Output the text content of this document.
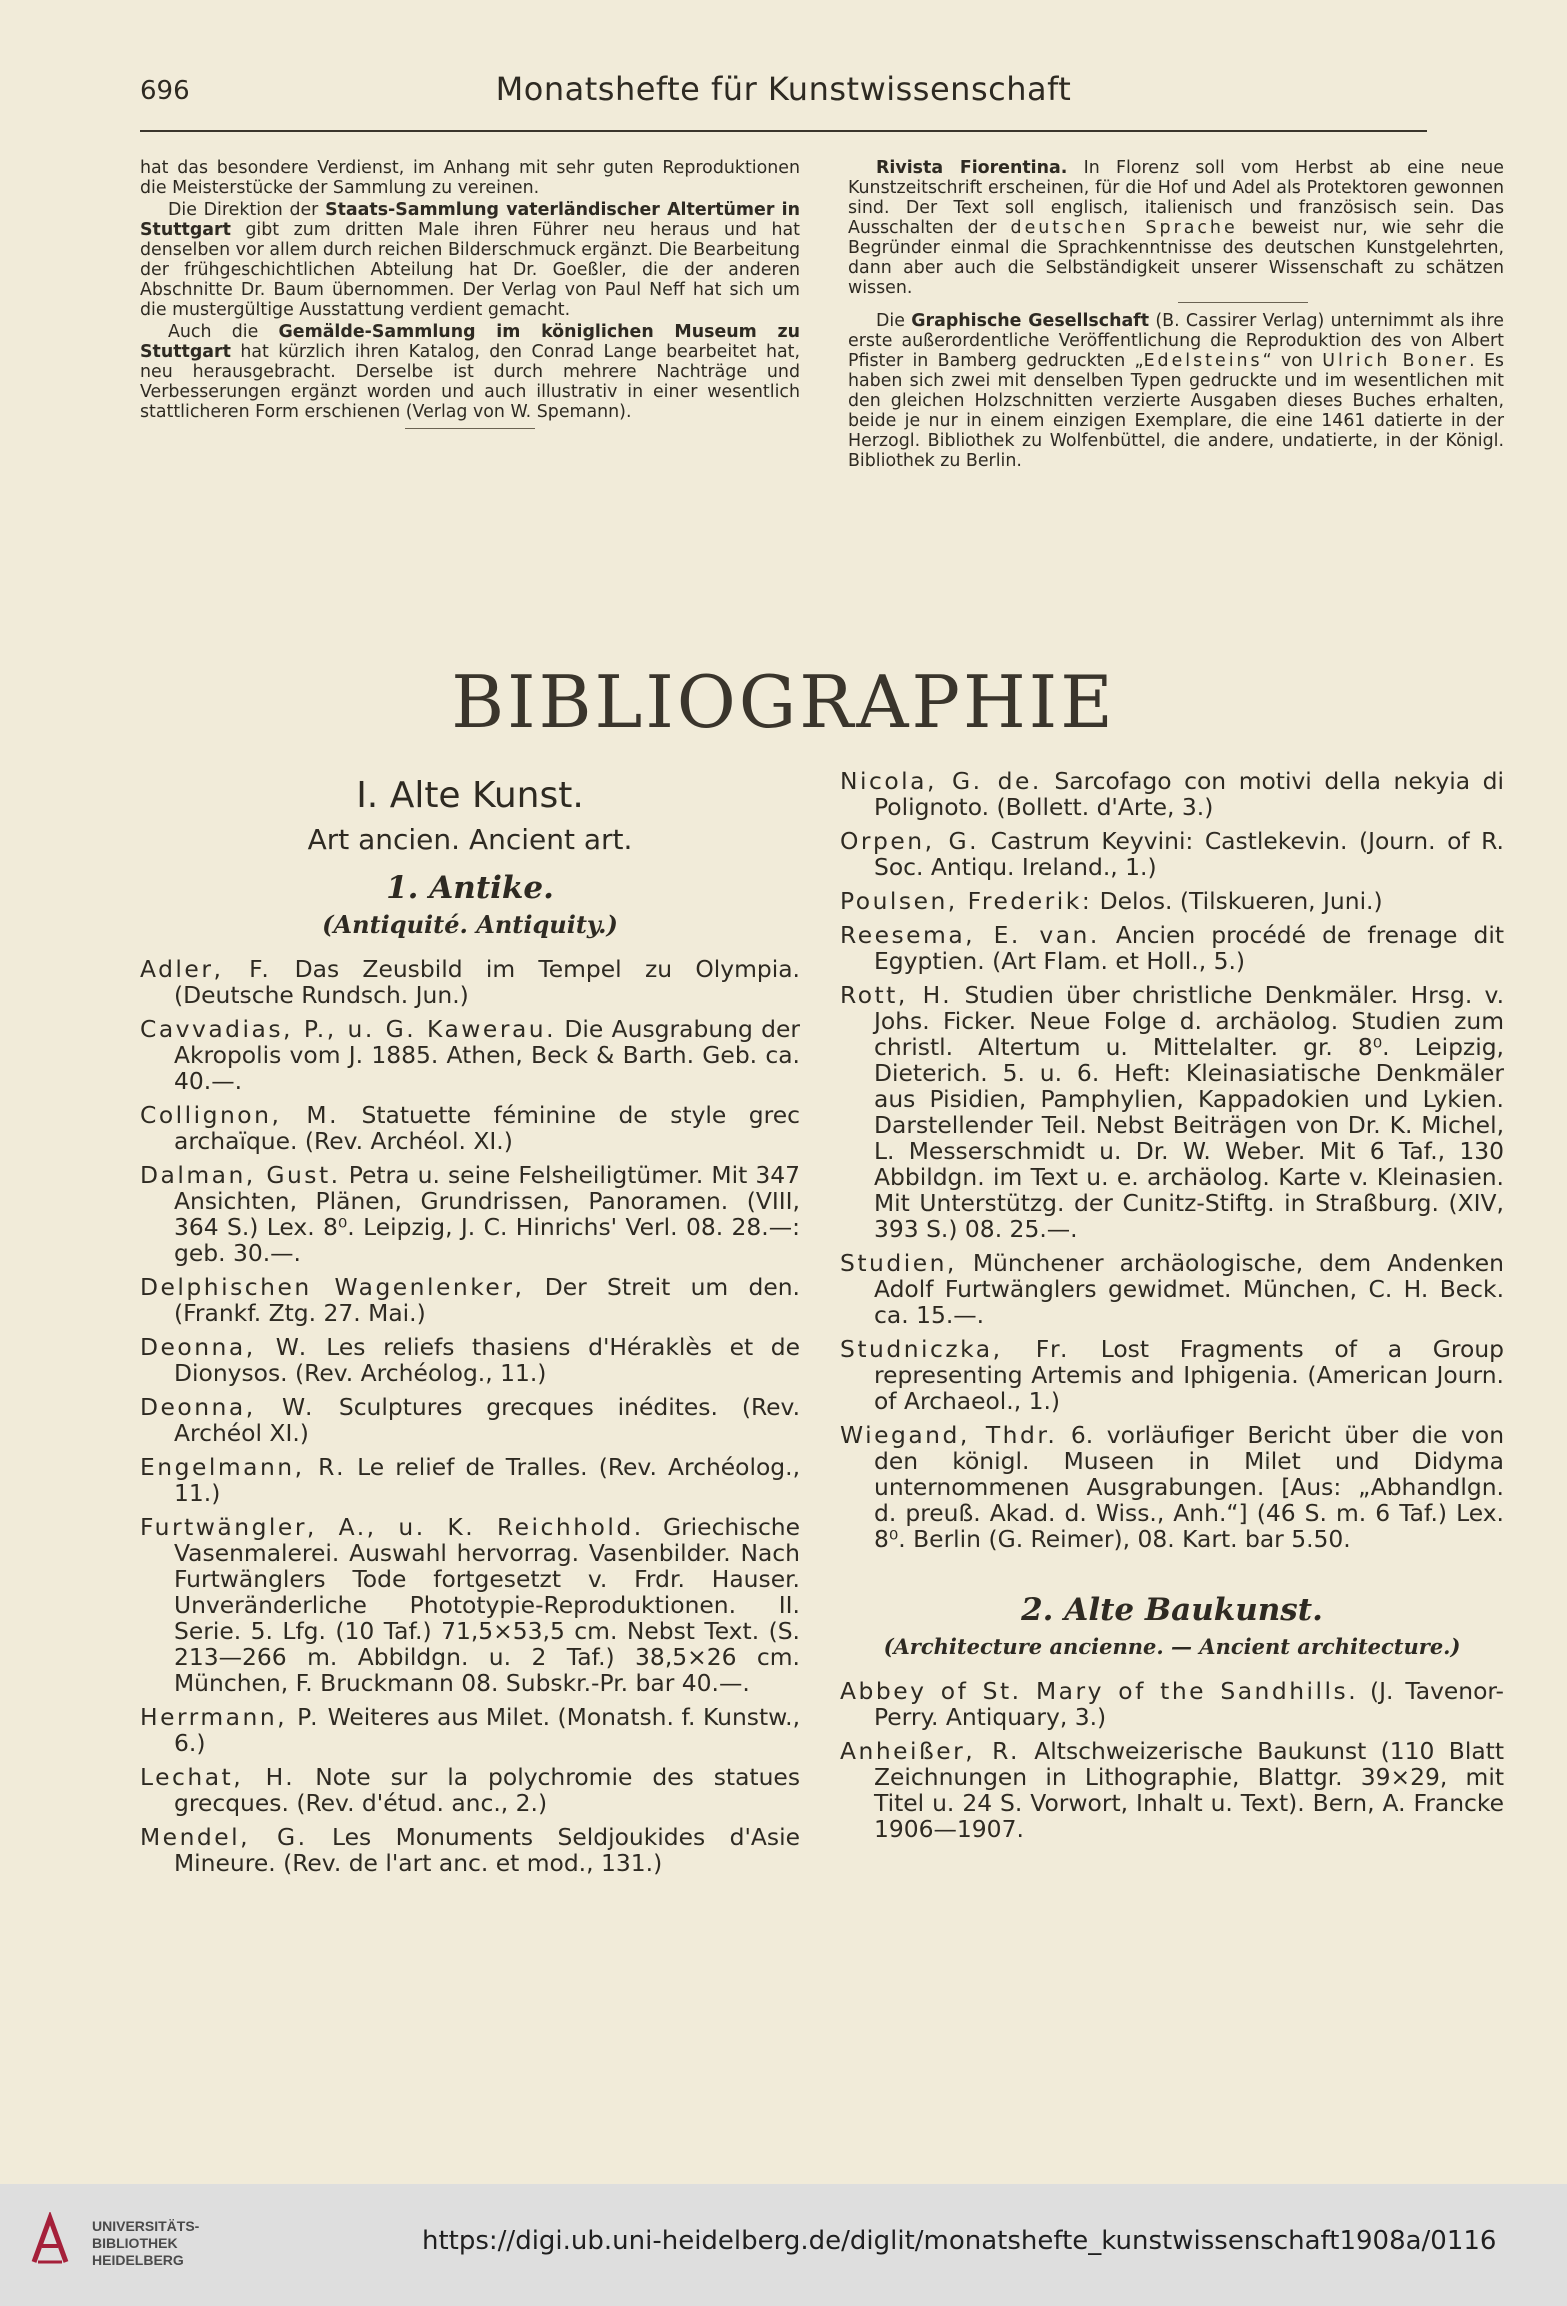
696	Monatshefte für Kunstwissenschaft

hat das besondere Verdienst, im Anhang mit sehr guten Reproduktionen die Meisterstücke der Sammlung zu vereinen.

Die Direktion der Staats-Sammlung vaterländischer Altertümer in Stuttgart gibt zum dritten Male ihren Führer neu heraus und hat denselben vor allem durch reichen Bilderschmuck ergänzt. Die Bearbeitung der frühgeschichtlichen Abteilung hat Dr. Goeßler, die der anderen Abschnitte Dr. Baum übernommen. Der Verlag von Paul Neff hat sich um die mustergültige Ausstattung verdient gemacht.

Auch die Gemälde-Sammlung im königlichen Museum zu Stuttgart hat kürzlich ihren Katalog, den Conrad Lange bearbeitet hat, neu herausgebracht. Derselbe ist durch mehrere Nachträge und Verbesserungen ergänzt worden und auch illustrativ in einer wesentlich stattlicheren Form erschienen (Verlag von W. Spemann).

Rivista Fiorentina. In Florenz soll vom Herbst ab eine neue Kunstzeitschrift erscheinen, für die Hof und Adel als Protektoren gewonnen sind. Der Text soll englisch, italienisch und französisch sein. Das Ausschalten der deutschen Sprache beweist nur, wie sehr die Begründer einmal die Sprachkenntnisse des deutschen Kunstgelehrten, dann aber auch die Selbständigkeit unserer Wissenschaft zu schätzen wissen.

Die Graphische Gesellschaft (B. Cassirer Verlag) unternimmt als ihre erste außerordentliche Veröffentlichung die Reproduktion des von Albert Pfister in Bamberg gedruckten „Edelsteins“ von Ulrich Boner. Es haben sich zwei mit denselben Typen gedruckte und im wesentlichen mit den gleichen Holzschnitten verzierte Ausgaben dieses Buches erhalten, beide je nur in einem einzigen Exemplare, die eine 1461 datierte in der Herzogl. Bibliothek zu Wolfenbüttel, die andere, undatierte, in der Königl. Bibliothek zu Berlin.

BIBLIOGRAPHIE
I. Alte Kunst.
Art ancien. Ancient art.
1. Antike.
(Antiquité. Antiquity.)

Adler, F. Das Zeusbild im Tempel zu Olympia. (Deutsche Rundsch. Jun.)

Cavvadias, P., u. G. Kawerau. Die Ausgrabung der Akropolis vom J. 1885. Athen, Beck & Barth. Geb. ca. 40.—.

Collignon, M. Statuette féminine de style grec archaïque. (Rev. Archéol. XI.)

Dalman, Gust. Petra u. seine Felsheiligtümer. Mit 347 Ansichten, Plänen, Grundrissen, Panoramen. (VIII, 364 S.) Lex. 8⁰. Leipzig, J. C. Hinrichs' Verl. 08. 28.—: geb. 30.—.

Delphischen Wagenlenker, Der Streit um den. (Frankf. Ztg. 27. Mai.)

Deonna, W. Les reliefs thasiens d'Héraklès et de Dionysos. (Rev. Archéolog., 11.)

Deonna, W. Sculptures grecques inédites. (Rev. Archéol XI.)

Engelmann, R. Le relief de Tralles. (Rev. Archéolog., 11.)

Furtwängler, A., u. K. Reichhold. Griechische Vasenmalerei. Auswahl hervorrag. Vasenbilder. Nach Furtwänglers Tode fortgesetzt v. Frdr. Hauser. Unveränderliche Phototypie-Reproduktionen. II. Serie. 5. Lfg. (10 Taf.) 71,5×53,5 cm. Nebst Text. (S. 213—266 m. Abbildgn. u. 2 Taf.) 38,5×26 cm. München, F. Bruckmann 08. Subskr.-Pr. bar 40.—.

Herrmann, P. Weiteres aus Milet. (Monatsh. f. Kunstw., 6.)

Lechat, H. Note sur la polychromie des statues grecques. (Rev. d'étud. anc., 2.)

Mendel, G. Les Monuments Seldjoukides d'Asie Mineure. (Rev. de l'art anc. et mod., 131.)

Nicola, G. de. Sarcofago con motivi della nekyia di Polignoto. (Bollett. d'Arte, 3.)

Orpen, G. Castrum Keyvini: Castlekevin. (Journ. of R. Soc. Antiqu. Ireland., 1.)

Poulsen, Frederik: Delos. (Tilskueren, Juni.)

Reesema, E. van. Ancien procédé de frenage dit Egyptien. (Art Flam. et Holl., 5.)

Rott, H. Studien über christliche Denkmäler. Hrsg. v. Johs. Ficker. Neue Folge d. archäolog. Studien zum christl. Altertum u. Mittelalter. gr. 8⁰. Leipzig, Dieterich. 5. u. 6. Heft: Kleinasiatische Denkmäler aus Pisidien, Pamphylien, Kappadokien und Lykien. Darstellender Teil. Nebst Beiträgen von Dr. K. Michel, L. Messerschmidt u. Dr. W. Weber. Mit 6 Taf., 130 Abbildgn. im Text u. e. archäolog. Karte v. Kleinasien. Mit Unterstützg. der Cunitz-Stiftg. in Straßburg. (XIV, 393 S.) 08. 25.—.

Studien, Münchener archäologische, dem Andenken Adolf Furtwänglers gewidmet. München, C. H. Beck. ca. 15.—.

Studniczka, Fr. Lost Fragments of a Group representing Artemis and Iphigenia. (American Journ. of Archaeol., 1.)

Wiegand, Thdr. 6. vorläufiger Bericht über die von den königl. Museen in Milet und Didyma unternommenen Ausgrabungen. [Aus: „Abhandlgn. d. preuß. Akad. d. Wiss., Anh.“] (46 S. m. 6 Taf.) Lex. 8⁰. Berlin (G. Reimer), 08. Kart. bar 5.50.

2. Alte Baukunst.
(Architecture ancienne. — Ancient architecture.)

Abbey of St. Mary of the Sandhills. (J. Tavenor-Perry. Antiquary, 3.)

Anheißer, R. Altschweizerische Baukunst (110 Blatt Zeichnungen in Lithographie, Blattgr. 39×29, mit Titel u. 24 S. Vorwort, Inhalt u. Text). Bern, A. Francke 1906—1907.

UNIVERSITÄTS-
BIBLIOTHEK
HEIDELBERG
https://digi.ub.uni-heidelberg.de/diglit/monatshefte_kunstwissenschaft1908a/0116
